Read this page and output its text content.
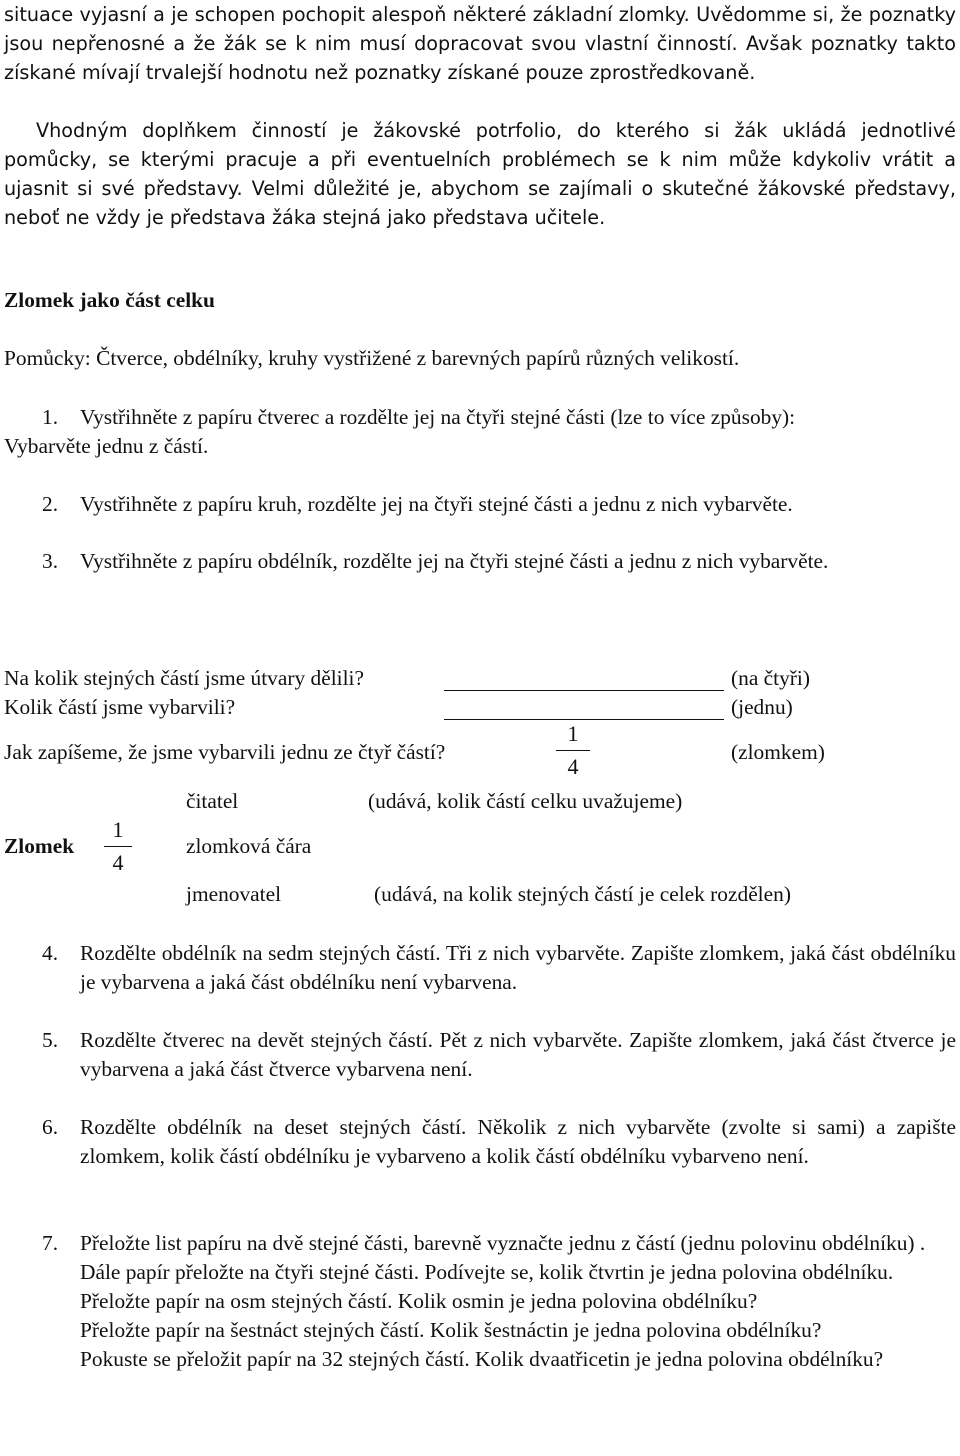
situace vyjasní a je schopen pochopit alespoň některé základní zlomky. Uvědomme si, že poznatky jsou nepřenosné a že žák se k nim musí dopracovat svou vlastní činností. Avšak poznatky takto získané mívají trvalejší hodnotu než poznatky získané pouze zprostředkovaně.

Vhodným doplňkem činností je žákovské potrfolio, do kterého si žák ukládá jednotlivé pomůcky, se kterými pracuje a při eventuelních problémech se k nim může kdykoliv vrátit a ujasnit si své představy. Velmi důležité je, abychom se zajímali o skutečné žákovské představy, neboť ne vždy je představa žáka stejná jako představa učitele.

Zlomek jako část celku
Pomůcky: Čtverce, obdélníky, kruhy vystřižené z barevných papírů různých velikostí.
1. Vystřihněte z papíru čtverec a rozdělte jej na čtyři stejné části (lze to více způsoby):
Vybarvěte jednu z částí.
2. Vystřihněte z papíru kruh, rozdělte jej na čtyři stejné části a jednu z nich vybarvěte.
3. Vystřihněte z papíru obdélník, rozdělte jej na čtyři stejné části a jednu z nich vybarvěte.
Na kolik stejných částí jsme útvary dělili?	(na čtyři)
Kolik částí jsme vybarvili?	(jednu)
Jak zapíšeme, že jsme vybarvili jednu ze čtyř částí?
1
4
(zlomkem)
Zlomek
1
4
čitatel	(udává, kolik částí celku uvažujeme)
zlomková čára
jmenovatel	(udává, na kolik stejných částí je celek rozdělen)
4. Rozdělte obdélník na sedm stejných částí. Tři z nich vybarvěte. Zapište zlomkem, jaká část obdélníku je vybarvena a jaká část obdélníku není vybarvena.
5. Rozdělte čtverec na devět stejných částí. Pět z nich vybarvěte. Zapište zlomkem, jaká část čtverce je vybarvena a jaká část čtverce vybarvena není.
6. Rozdělte obdélník na deset stejných částí. Několik z nich vybarvěte (zvolte si sami) a zapište zlomkem, kolik částí obdélníku je vybarveno a kolik částí obdélníku vybarveno není.
7. Přeložte list papíru na dvě stejné části, barevně vyznačte jednu z částí (jednu polovinu obdélníku) .

Dále papír přeložte na čtyři stejné části. Podívejte se, kolik čtvrtin je jedna polovina obdélníku.

Přeložte papír na osm stejných částí. Kolik osmin je jedna polovina obdélníku?

Přeložte papír na šestnáct stejných částí. Kolik šestnáctin je jedna polovina obdélníku?

Pokuste se přeložit papír na 32 stejných částí. Kolik dvaatřicetin je jedna polovina obdélníku?
